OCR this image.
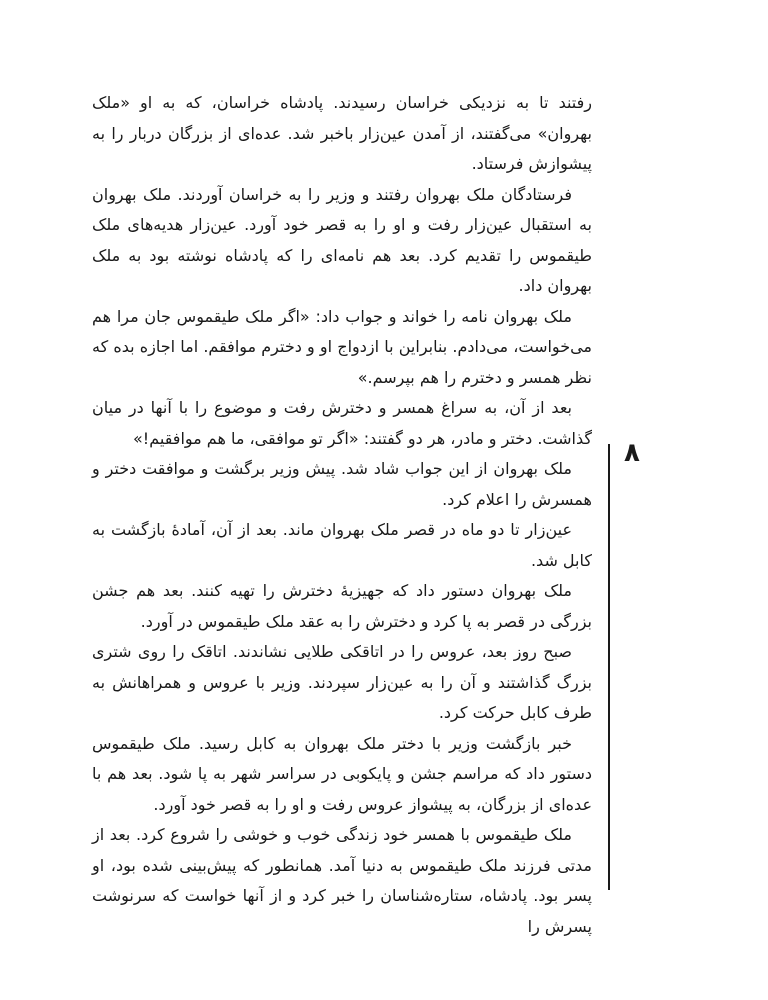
رفتند تا به نزدیکی خراسان رسیدند. پادشاه خراسان، که به او «ملک بهروان» می‌گفتند، از آمدن عین‌زار باخبر شد. عده‌ای از بزرگان دربار را به پیشوازش فرستاد.

فرستادگان ملک بهروان رفتند و وزیر را به خراسان آوردند. ملک بهروان به استقبال عین‌زار رفت و او را به قصر خود آورد. عین‌زار هدیه‌های ملک طیقموس را تقدیم کرد. بعد هم نامه‌ای را که پادشاه نوشته بود به ملک بهروان داد.

ملک بهروان نامه را خواند و جواب داد: «اگر ملک طیقموس جان مرا هم می‌خواست، می‌دادم. بنابراین با ازدواج او و دخترم موافقم. اما اجازه بده که نظر همسر و دخترم را هم بپرسم.»

بعد از آن، به سراغ همسر و دخترش رفت و موضوع را با آنها در میان گذاشت. دختر و مادر، هر دو گفتند: «اگر تو موافقی، ما هم موافقیم!»

ملک بهروان از این جواب شاد شد. پیش وزیر برگشت و موافقت دختر و همسرش را اعلام کرد.

عین‌زار تا دو ماه در قصر ملک بهروان ماند. بعد از آن، آمادهٔ بازگشت به کابل شد.

ملک بهروان دستور داد که جهیزیهٔ دخترش را تهیه کنند. بعد هم جشن بزرگی در قصر به پا کرد و دخترش را به عقد ملک طیقموس در آورد.

صبح روز بعد، عروس را در اتاقکی طلایی نشاندند. اتاقک را روی شتری بزرگ گذاشتند و آن را به عین‌زار سپردند. وزیر با عروس و همراهانش به طرف کابل حرکت کرد.

خبر بازگشت وزیر با دختر ملک بهروان به کابل رسید. ملک طیقموس دستور داد که مراسم جشن و پایکوبی در سراسر شهر به پا شود. بعد هم با عده‌ای از بزرگان، به پیشواز عروس رفت و او را به قصر خود آورد.

ملک طیقموس با همسر خود زندگی خوب و خوشی را شروع کرد. بعد از مدتی فرزند ملک طیقموس به دنیا آمد. همانطور که پیش‌بینی شده بود، او پسر بود. پادشاه، ستاره‌شناسان را خبر کرد و از آنها خواست که سرنوشت پسرش را

۸
